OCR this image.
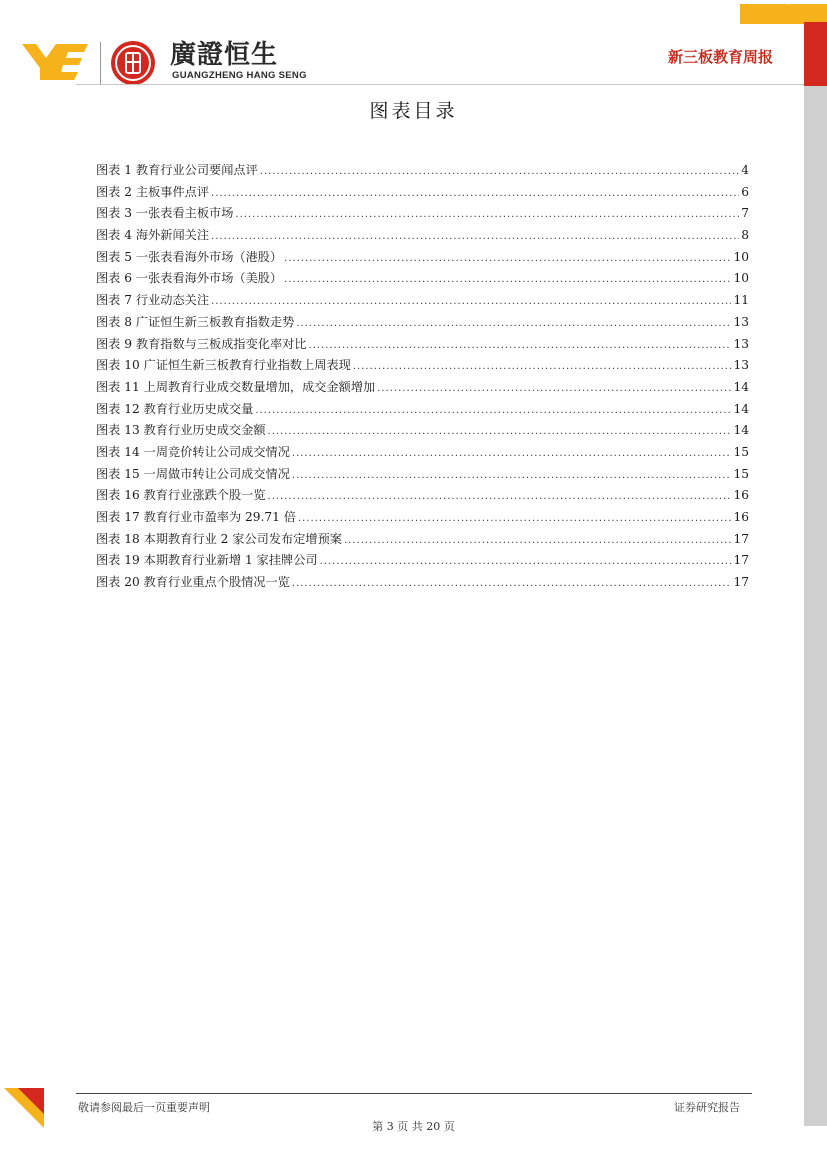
廣證恒生
GUANGZHENG HANG SENG
新三板教育周报
图表目录
图表 1 教育行业公司要闻点评 .....	4
图表 2 主板事件点评 .....	6
图表 3 一张表看主板市场 .....	7
图表 4 海外新闻关注 .....	8
图表 5 一张表看海外市场（港股） .....	10
图表 6 一张表看海外市场（美股） .....	10
图表 7 行业动态关注 .....	11
图表 8 广证恒生新三板教育指数走势 .....	13
图表 9 教育指数与三板成指变化率对比 .....	13
图表 10 广证恒生新三板教育行业指数上周表现 .....	13
图表 11 上周教育行业成交数量增加，成交金额增加 .....	14
图表 12 教育行业历史成交量 .....	14
图表 13 教育行业历史成交金额 .....	14
图表 14 一周竞价转让公司成交情况 .....	15
图表 15 一周做市转让公司成交情况 .....	15
图表 16 教育行业涨跌个股一览 .....	16
图表 17 教育行业市盈率为 29.71 倍 .....	16
图表 18 本期教育行业 2 家公司发布定增预案 .....	17
图表 19 本期教育行业新增 1 家挂牌公司 .....	17
图表 20 教育行业重点个股情况一览 .....	17
敬请参阅最后一页重要声明	证券研究报告
第 3 页 共 20 页
